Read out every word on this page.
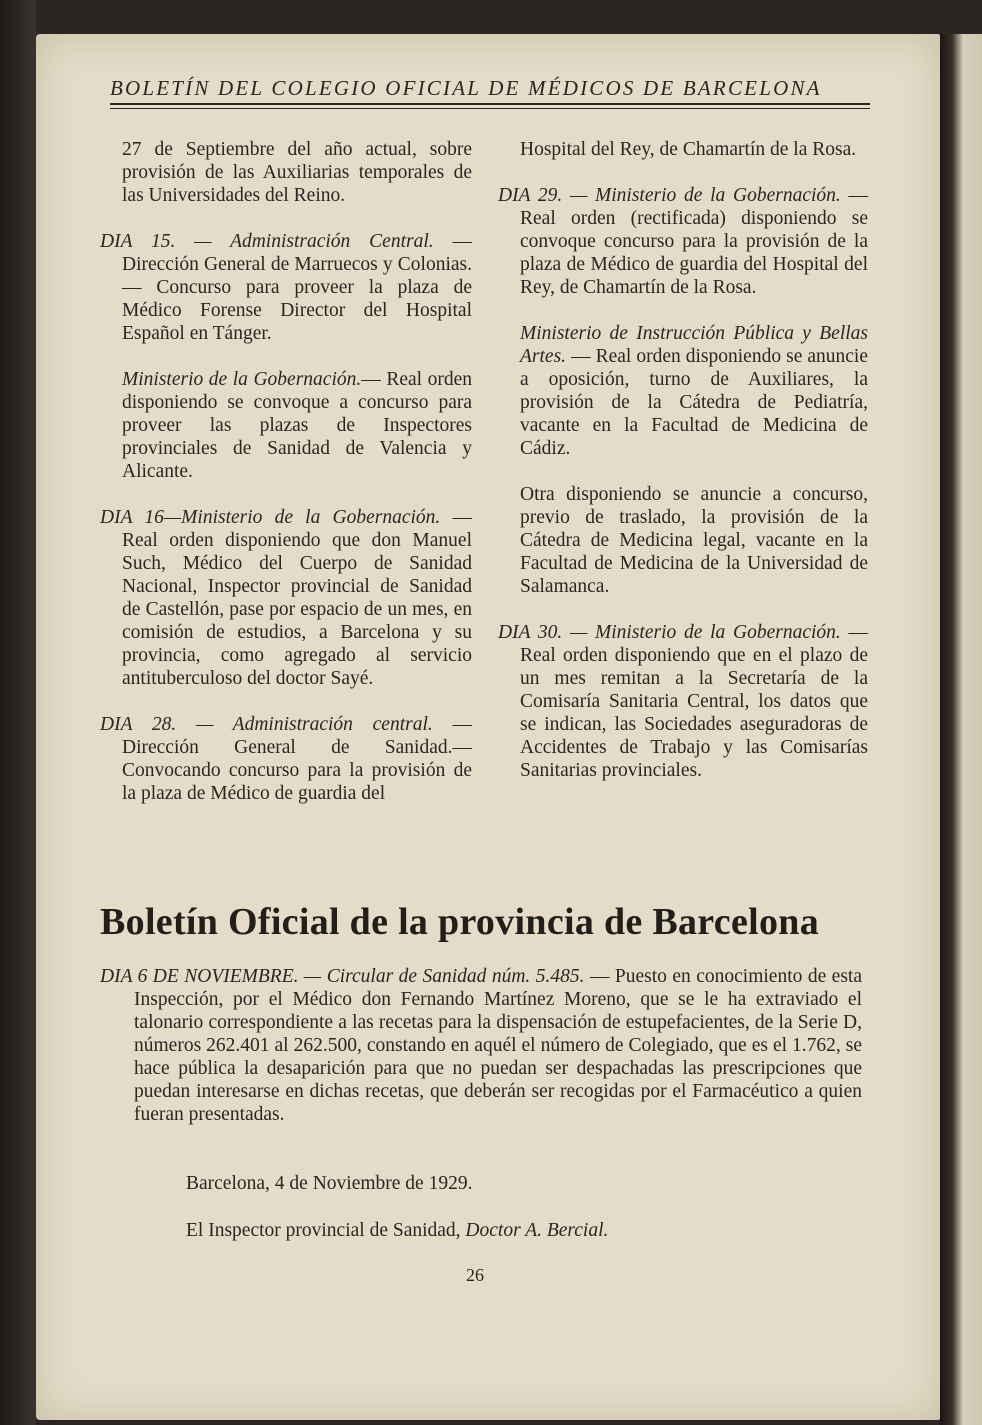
BOLETÍN DEL COLEGIO OFICIAL DE MÉDICOS DE BARCELONA

27 de Septiembre del año actual, sobre provisión de las Auxiliarias temporales de las Universidades del Reino.

DIA 15. — Administración Central. — Dirección General de Marruecos y Colonias. — Concurso para proveer la plaza de Médico Forense Director del Hospital Español en Tánger.

Ministerio de la Gobernación.— Real orden disponiendo se convoque a concurso para proveer las plazas de Inspectores provinciales de Sanidad de Valencia y Alicante.

DIA 16—Ministerio de la Gobernación. — Real orden disponiendo que don Manuel Such, Médico del Cuerpo de Sanidad Nacional, Inspector provincial de Sanidad de Castellón, pase por espacio de un mes, en comisión de estudios, a Barcelona y su provincia, como agregado al servicio antituberculoso del doctor Sayé.

DIA 28. — Administración central. — Dirección General de Sanidad.— Convocando concurso para la provisión de la plaza de Médico de guardia del

Hospital del Rey, de Chamartín de la Rosa.

DIA 29. — Ministerio de la Gobernación. — Real orden (rectificada) disponiendo se convoque concurso para la provisión de la plaza de Médico de guardia del Hospital del Rey, de Chamartín de la Rosa.

Ministerio de Instrucción Pública y Bellas Artes. — Real orden disponiendo se anuncie a oposición, turno de Auxiliares, la provisión de la Cátedra de Pediatría, vacante en la Facultad de Medicina de Cádiz.

Otra disponiendo se anuncie a concurso, previo de traslado, la provisión de la Cátedra de Medicina legal, vacante en la Facultad de Medicina de la Universidad de Salamanca.

DIA 30. — Ministerio de la Gobernación. — Real orden disponiendo que en el plazo de un mes remitan a la Secretaría de la Comisaría Sanitaria Central, los datos que se indican, las Sociedades aseguradoras de Accidentes de Trabajo y las Comisarías Sanitarias provinciales.

Boletín Oficial de la provincia de Barcelona

DIA 6 DE NOVIEMBRE. — Circular de Sanidad núm. 5.485. — Puesto en conocimiento de esta Inspección, por el Médico don Fernando Martínez Moreno, que se le ha extraviado el talonario correspondiente a las recetas para la dispensación de estupefacientes, de la Serie D, números 262.401 al 262.500, constando en aquél el número de Colegiado, que es el 1.762, se hace pública la desaparición para que no puedan ser despachadas las prescripciones que puedan interesarse en dichas recetas, que deberán ser recogidas por el Farmacéutico a quien fueran presentadas.

Barcelona, 4 de Noviembre de 1929.
El Inspector provincial de Sanidad, Doctor A. Bercial.
26
